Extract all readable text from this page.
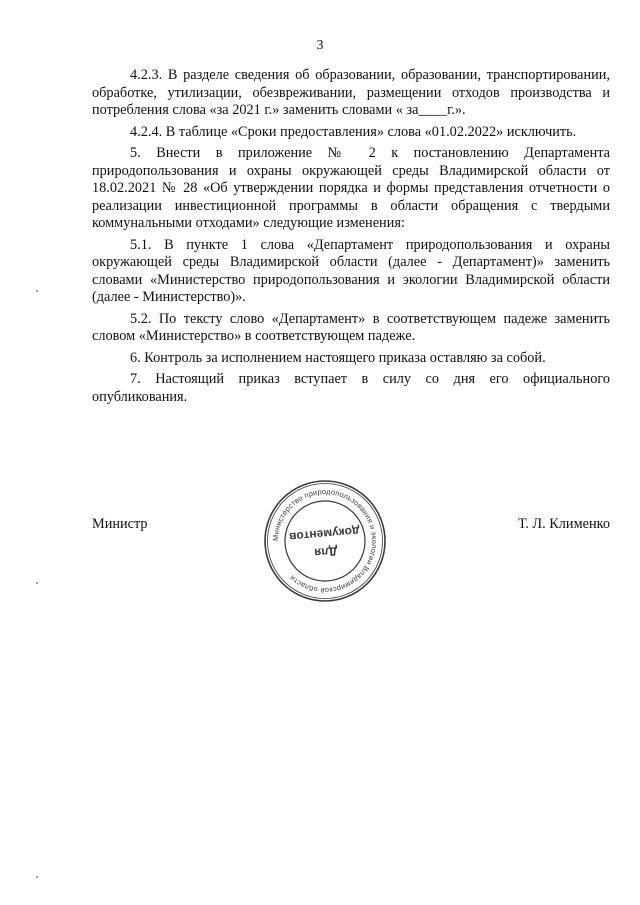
3

4.2.3. В разделе сведения об образовании, образовании, транспортировании, обработке, утилизации, обезвреживании, размещении отходов производства и потребления слова «за 2021 г.» заменить словами « за____г.».

4.2.4. В таблице «Сроки предоставления» слова «01.02.2022» исключить.

5. Внести в приложение № 2 к постановлению Департамента природопользования и охраны окружающей среды Владимирской области от 18.02.2021 № 28 «Об утверждении порядка и формы представления отчетности о реализации инвестиционной программы в области обращения с твердыми коммунальными отходами» следующие изменения:

5.1. В пункте 1 слова «Департамент природопользования и охраны окружающей среды Владимирской области (далее - Департамент)» заменить словами «Министерство природопользования и экологии Владимирской области (далее - Министерство)».

5.2. По тексту слово «Департамент» в соответствующем падеже заменить словом «Министерство» в соответствующем падеже.

6. Контроль за исполнением настоящего приказа оставляю за собой.

7. Настоящий приказ вступает в силу со дня его официального опубликования.

Министр	Т. Л. Клименко
Министерство природопользования и экологии Владимирской области
Для
документов
